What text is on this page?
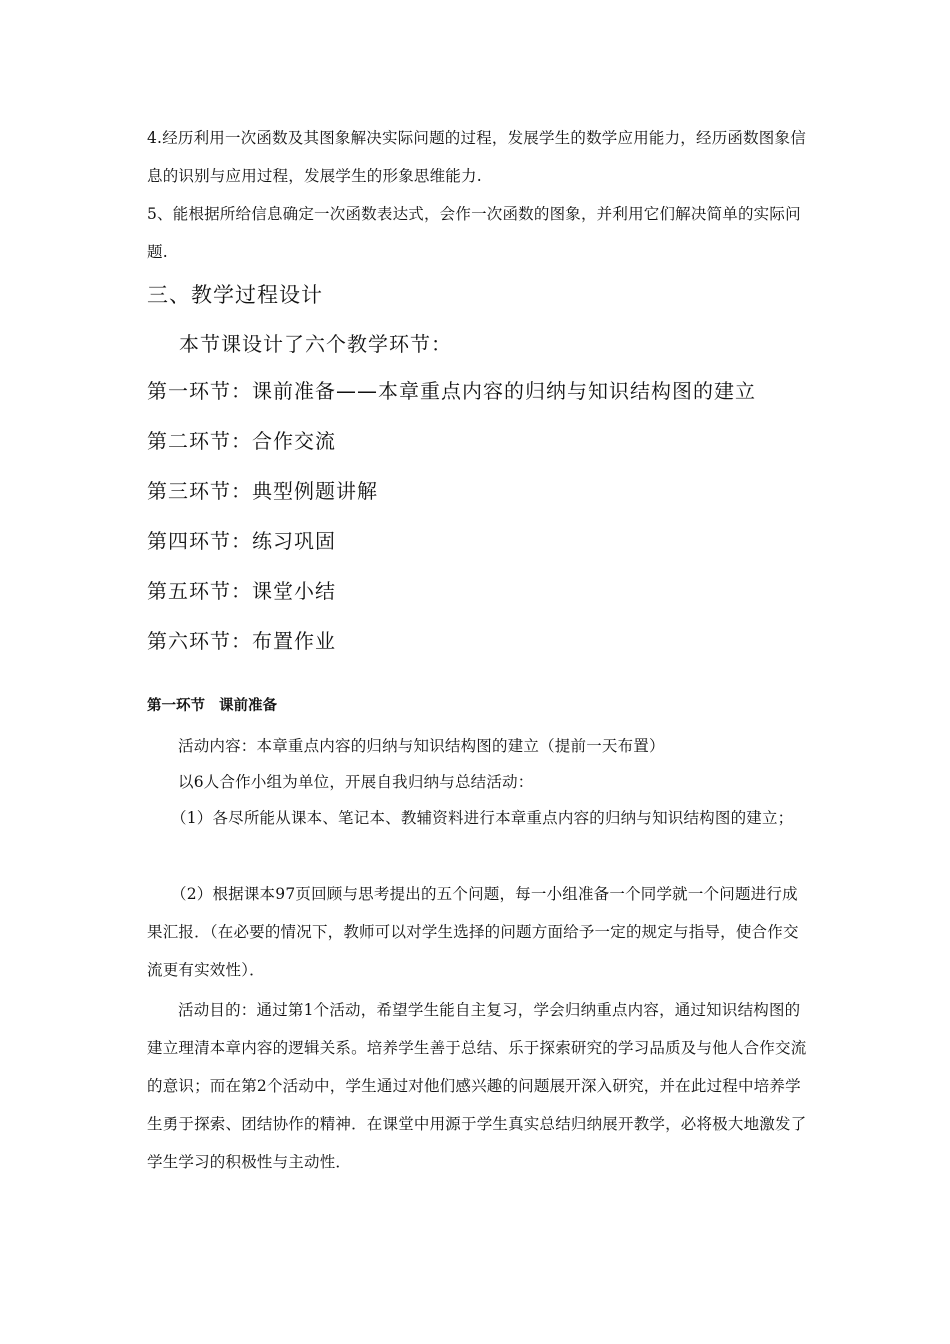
4.经历利用一次函数及其图象解决实际问题的过程，发展学生的数学应用能力，经历函数图象信息的识别与应用过程，发展学生的形象思维能力.

5、能根据所给信息确定一次函数表达式，会作一次函数的图象，并利用它们解决简单的实际问题.

三、教学过程设计
本节课设计了六个教学环节：
第一环节：课前准备——本章重点内容的归纳与知识结构图的建立
第二环节：合作交流
第三环节：典型例题讲解
第四环节：练习巩固
第五环节：课堂小结
第六环节：布置作业
第一环节 课前准备

活动内容：本章重点内容的归纳与知识结构图的建立（提前一天布置）

以6人合作小组为单位，开展自我归纳与总结活动：

（1）各尽所能从课本、笔记本、教辅资料进行本章重点内容的归纳与知识结构图的建立；

（2）根据课本97页回顾与思考提出的五个问题，每一小组准备一个同学就一个问题进行成果汇报．（在必要的情况下，教师可以对学生选择的问题方面给予一定的规定与指导，使合作交流更有实效性）．

活动目的：通过第1个活动，希望学生能自主复习，学会归纳重点内容，通过知识结构图的建立理清本章内容的逻辑关系。培养学生善于总结、乐于探索研究的学习品质及与他人合作交流的意识；而在第2个活动中，学生通过对他们感兴趣的问题展开深入研究，并在此过程中培养学生勇于探索、团结协作的精神．在课堂中用源于学生真实总结归纳展开教学，必将极大地激发了学生学习的积极性与主动性．
